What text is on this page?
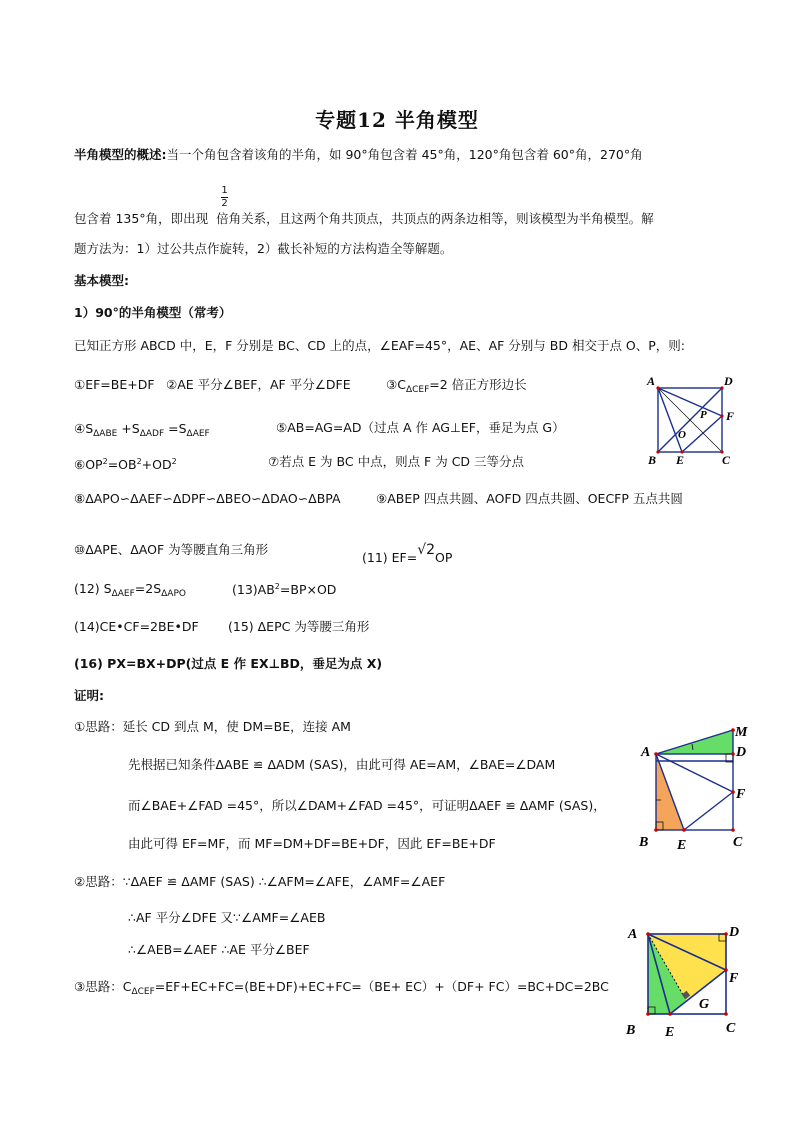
专题12 半角模型
半角模型的概述:当一个角包含着该角的半角，如 90°角包含着 45°角，120°角包含着 60°角，270°角
1
2
包含着 135°角，即出现 倍角关系，且这两个角共顶点，共顶点的两条边相等，则该模型为半角模型。解
题方法为：1）过公共点作旋转，2）截长补短的方法构造全等解题。
基本模型:
1）90°的半角模型（常考）
已知正方形 ABCD 中，E，F 分别是 BC、CD 上的点，∠EAF=45°，AE、AF 分别与 BD 相交于点 O、P，则:
①EF=BE+DF ②AE 平分∠BEF，AF 平分∠DFE	$③C_{\Delta CEF}=2$ 倍正方形边长
$④S_{\Delta ABE} +S_{\Delta ADF} =S_{\Delta AEF}$	⑤AB=AG=AD（过点 A 作 AG⊥EF，垂足为点 G）
$⑥OP^2=OB^2+OD^2$	⑦若点 E 为 BC 中点，则点 F 为 CD 三等分点
⑧ΔAPO∽ΔAEF∽ΔDPF∽ΔBEO∽ΔDAO∽ΔBPA	⑨ABEP 四点共圆、AOFD 四点共圆、OECFP 五点共圆
⑩ΔAPE、ΔAOF 为等腰直角三角形
(11) EF=√2OP
(12) $S_{\Delta AEF}=2S_{\Delta APO}$	$(13)AB^2=BP\times OD$
(14)CE•CF=2BE•DF (15) ΔEPC 为等腰三角形
(16) PX=BX+DP(过点 E 作 EX⊥BD，垂足为点 X)
证明:
①思路：延长 CD 到点 M，使 DM=BE，连接 AM
先根据已知条件ΔABE ≌ ΔADM (SAS)，由此可得 AE=AM，∠BAE=∠DAM
而∠BAE+∠FAD =45°，所以∠DAM+∠FAD =45°，可证明ΔAEF ≌ ΔAMF (SAS)，
由此可得 EF=MF，而 MF=DM+DF=BE+DF，因此 EF=BE+DF
②思路：∵ΔAEF ≌ ΔAMF (SAS) ∴∠AFM=∠AFE，∠AMF=∠AEF
∴AF 平分∠DFE 又∵∠AMF=∠AEB
∴∠AEB=∠AEF ∴AE 平分∠BEF
③思路：$C_{\Delta CEF}=EF+EC+FC=(BE+DF)+EC+FC=(BE+ EC)+(DF+ FC)=BC+DC=2BC$
A	D
F
P
O
B E	C
A
M
D
F
B E	C
A	D
F
G
B E	C
